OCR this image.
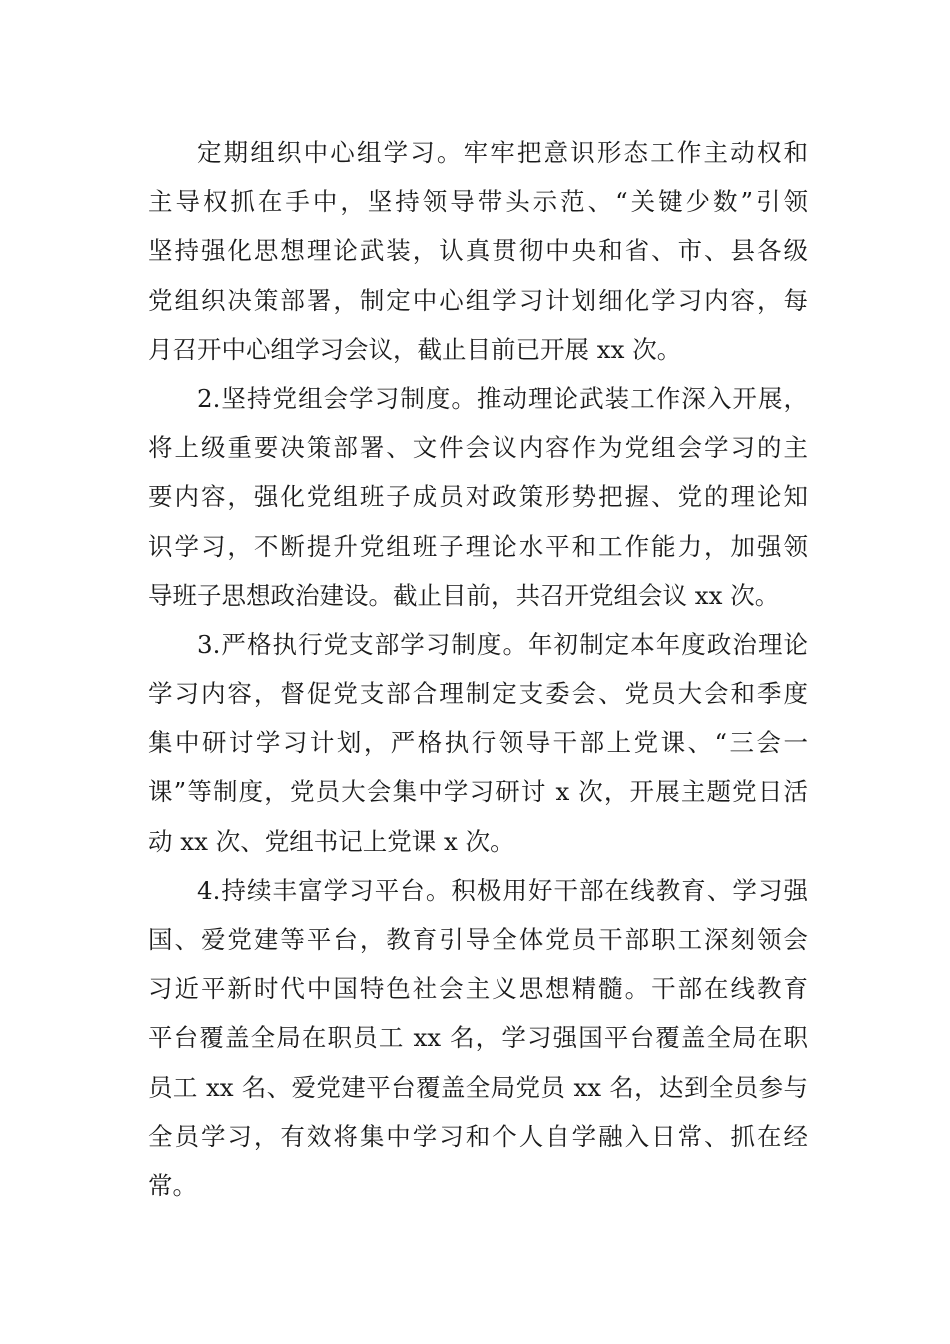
定期组织中心组学习。牢牢把意识形态工作主动权和
主导权抓在手中，坚持领导带头示范、“关键少数”引领
坚持强化思想理论武装，认真贯彻中央和省、市、县各级
党组织决策部署，制定中心组学习计划细化学习内容，每
月召开中心组学习会议，截止目前已开展 xx 次。
2.坚持党组会学习制度。推动理论武装工作深入开展，
将上级重要决策部署、文件会议内容作为党组会学习的主
要内容，强化党组班子成员对政策形势把握、党的理论知
识学习，不断提升党组班子理论水平和工作能力，加强领
导班子思想政治建设。截止目前，共召开党组会议 xx 次。
3.严格执行党支部学习制度。年初制定本年度政治理论
学习内容，督促党支部合理制定支委会、党员大会和季度
集中研讨学习计划，严格执行领导干部上党课、“三会一
课”等制度，党员大会集中学习研讨 x 次，开展主题党日活
动 xx 次、党组书记上党课 x 次。
4.持续丰富学习平台。积极用好干部在线教育、学习强
国、爱党建等平台，教育引导全体党员干部职工深刻领会
习近平新时代中国特色社会主义思想精髓。干部在线教育
平台覆盖全局在职员工 xx 名，学习强国平台覆盖全局在职
员工 xx 名、爱党建平台覆盖全局党员 xx 名，达到全员参与
全员学习，有效将集中学习和个人自学融入日常、抓在经
常。
